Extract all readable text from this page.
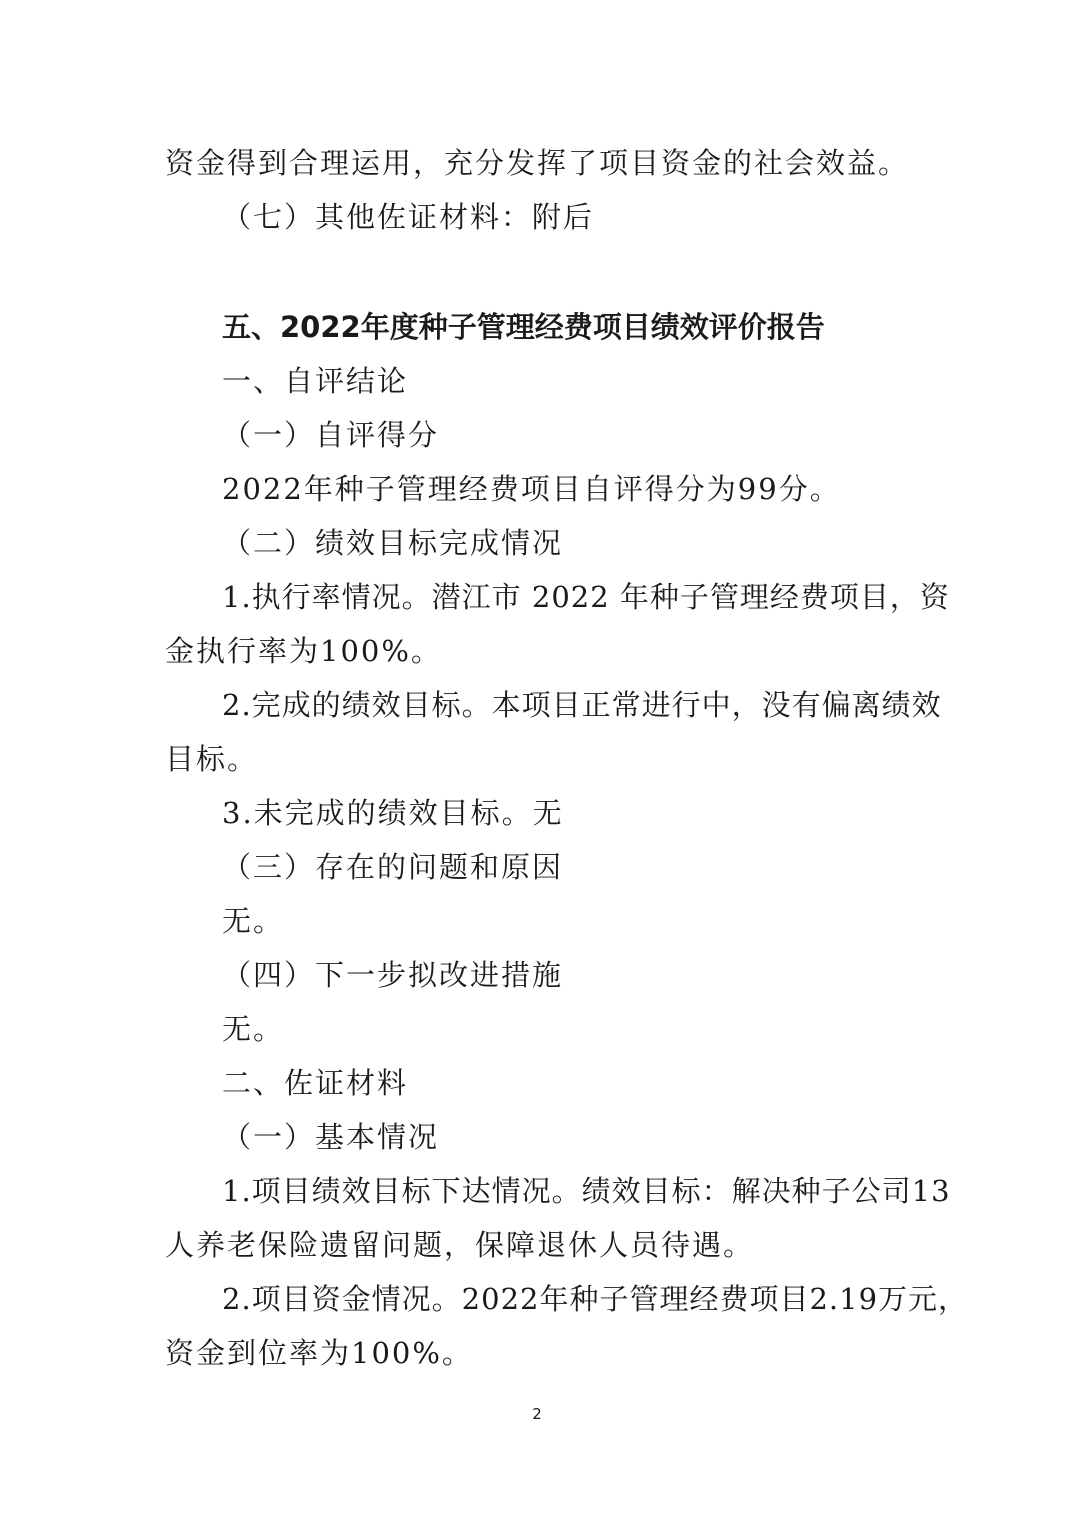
资金得到合理运用，充分发挥了项目资金的社会效益。
（七）其他佐证材料：附后
五、2022年度种子管理经费项目绩效评价报告
一、自评结论
（一）自评得分
2022年种子管理经费项目自评得分为99分。
（二）绩效目标完成情况
1.执行率情况。潜江市 2022 年种子管理经费项目，资
金执行率为100%。
2.完成的绩效目标。本项目正常进行中，没有偏离绩效
目标。
3.未完成的绩效目标。无
（三）存在的问题和原因
无。
（四）下一步拟改进措施
无。
二、佐证材料
（一）基本情况
1.项目绩效目标下达情况。绩效目标：解决种子公司13
人养老保险遗留问题，保障退休人员待遇。
2.项目资金情况。2022年种子管理经费项目2.19万元，
资金到位率为100%。
2
